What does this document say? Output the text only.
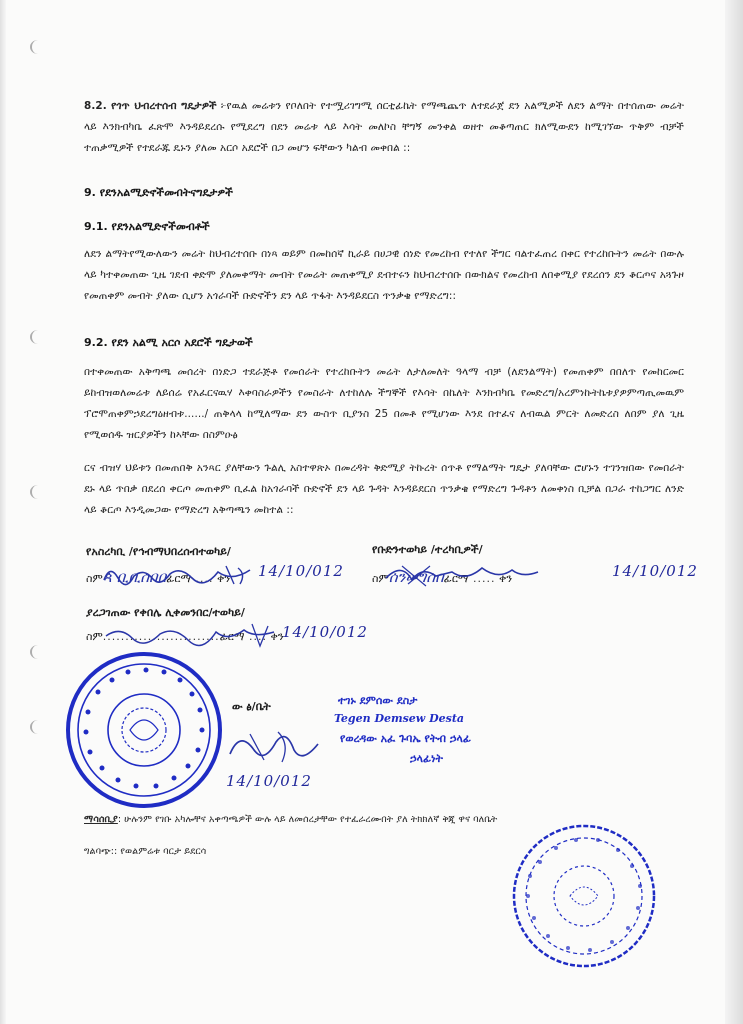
8.2. የጎጥ ህብረተሰብ ግዴታዎች ፦የዉል መሬቱን የቦለበት የተሟሪገግሚ ሰርቲፊኬት የማጫጨጥ ለተደራጀ ደን አልሚዎች ለደን ልማት በተሰጠው መሬት ላይ እንክብካቤ ፈጽሞ እንዳይደረሱ የሚደረግ በደን መሬቱ ላይ እሳት መለኮስ ቸግኝ መንቀል ወዘተ መቆጣጠር ክለሚውደን ከሚገኘው ጥቅም ብቻች ተጠቃሚዎች የተደራጁ ዴኑን ያለመ አርሶ አደሮች በጋ መሆን ፍቸውን ካልብ መቀበል ::

9. የደንአልሚድኖችመብትናግዴታዎች

9.1. የደንአልሚድኖችመብቶች

ለደን ልማትየሚውለውን መሬት ከህብረተሰቡ በነጻ ወይም በመከሰኛ ኪራይ በሀጋዊ ሰነድ የመረከብ የተለየ ችግር ባልተፈጠረ በቀር የተረከቡትን መሬት በውሉ ላይ ካተቀመጠው ጊዜ ገደብ ቀድሞ ያለመቀማት መብት የመሬት መጠቀሚያ ደብተሩን ከህብረተሰቡ በውክልና የመረከብ ለበቀሚያ የደረሰን ደን ቆርጦና አጓጉዞ የመጠቀም መብት ያለው ሲሆን አጎራባች ቡድኖችን ደን ላይ ጥፋት እንዳይደርስ ጥንቃቄ የማድረግ::

9.2. የደን አልሚ አርሶ አደሮች ግዴታወች

በተቀመጠው አቅጣጫ መሰረት በነድጋ ተደራጅቶ የመሰራት የተረከቡትን መሬት ለታለመለት ዓላማ ብቻ (ለደንልማት) የመጠቀም በበለጥ የመከርመር ይከብዝወለመሬቱ ለይሰሬ የአፈርናዉሃ እቀባስራዎችን የመስራት ለተከለሉ ችግኞች የእሳት በኬለት እንክብካቤ የመድረግ/አረምነኩትኬቱያዎምጣጢመዉም ፕሮሞጠቀምኃደረግዕዘብቱ....../ ጠቅላላ ከሚለማው ደን ውስጥ ቢያንስ 25 በመቶ የሚሆነው እንደ በተፈና ለብዉል ምርት ለመድረስ ለበም ያለ ጊዜ የሚወሰዱ ዝርያዎችን ከኣቸው በስምዑፅ

ርና ብዝሃ ህይቱን በመጠበቅ አንጻር ያለቸውን ጉልሊ አስተዋጽኦ በመረዳት ቅድሚያ ትኩረት ሰጥቶ የማልማት ግዴታ ያለባቸው ሮሆኑን ተገንዝበው የመበራት ደኑ ላይ ጥበቃ በደረሰ ቀርጦ መጠቀም ቢፈል ከአጎራባች ቡድኖች ደን ላይ ጉዳት እንዳይደርስ ጥንቃቄ የማድረግ ጉዳቶን ለመቀነስ ቢቻል በጋራ ተከጋግር ለንድ ላይ ቆርጦ እንዲመጋው የማድረግ አቅጣጫን መከተል ::

የአስረካቢ /የኅብማህበረሰብተወካይ/	የቡድንተወካይ /ተረካቢዎች/
ስምጳ ቢቢሰበበፊርማ .... ቀን	14/10/012	ስምሰንሠግሰበፊርማ ..... ቀን	14/10/012
ያረጋገጠው የቀበሌ ሊቀመንበር/ተወካይ/
ስም..........................ፊርማ .... ቀን
14/10/012
ው ፅ/ቤት
14/10/012
ተገኑ ደምሰው ደስታ
Tegen Demsew Desta
የወረዳው አፈ ጉባኤ የትብ ኃላፊ
ኃላፊነት
ማሳሰቢያ: ሁሉንም የገቡ አካሎቸና አቀጣጫዎች ውሉ ላይ ለመሰረታቸው የተፈራረሙበት ያለ ትክክለኛ ቅጂ ዋና ባለቤት
ግልባጭ:: የወልምሬቱ ባርታ ይደርሳ
